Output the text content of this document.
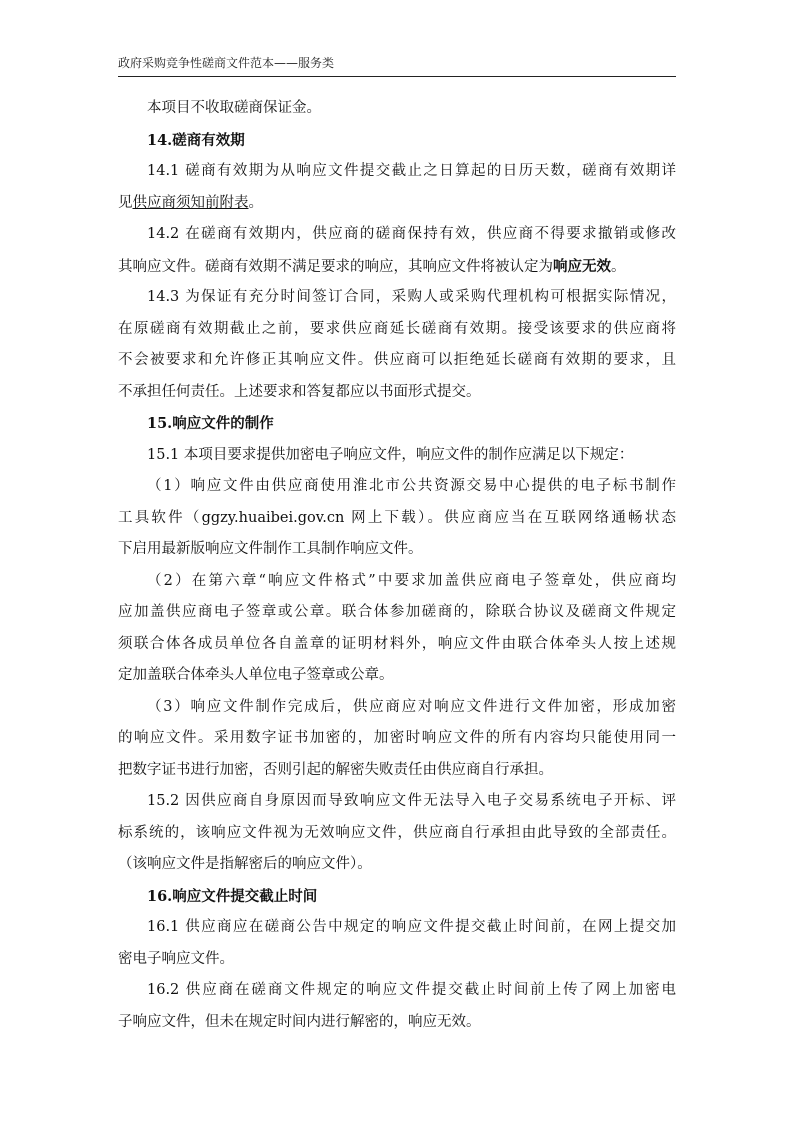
政府采购竞争性磋商文件范本——服务类
本项目不收取磋商保证金。
14.磋商有效期
14.1 磋商有效期为从响应文件提交截止之日算起的日历天数，磋商有效期详
见供应商须知前附表。
14.2 在磋商有效期内，供应商的磋商保持有效，供应商不得要求撤销或修改
其响应文件。磋商有效期不满足要求的响应，其响应文件将被认定为响应无效。
14.3 为保证有充分时间签订合同，采购人或采购代理机构可根据实际情况，
在原磋商有效期截止之前，要求供应商延长磋商有效期。接受该要求的供应商将
不会被要求和允许修正其响应文件。供应商可以拒绝延长磋商有效期的要求，且
不承担任何责任。上述要求和答复都应以书面形式提交。
15.响应文件的制作
15.1 本项目要求提供加密电子响应文件，响应文件的制作应满足以下规定：
（1）响应文件由供应商使用淮北市公共资源交易中心提供的电子标书制作
工具软件（ggzy.huaibei.gov.cn 网上下载）。供应商应当在互联网络通畅状态
下启用最新版响应文件制作工具制作响应文件。
（2）在第六章“响应文件格式”中要求加盖供应商电子签章处，供应商均
应加盖供应商电子签章或公章。联合体参加磋商的，除联合协议及磋商文件规定
须联合体各成员单位各自盖章的证明材料外，响应文件由联合体牵头人按上述规
定加盖联合体牵头人单位电子签章或公章。
（3）响应文件制作完成后，供应商应对响应文件进行文件加密，形成加密
的响应文件。采用数字证书加密的，加密时响应文件的所有内容均只能使用同一
把数字证书进行加密，否则引起的解密失败责任由供应商自行承担。
15.2 因供应商自身原因而导致响应文件无法导入电子交易系统电子开标、评
标系统的，该响应文件视为无效响应文件，供应商自行承担由此导致的全部责任。
（该响应文件是指解密后的响应文件）。
16.响应文件提交截止时间
16.1 供应商应在磋商公告中规定的响应文件提交截止时间前，在网上提交加
密电子响应文件。
16.2 供应商在磋商文件规定的响应文件提交截止时间前上传了网上加密电
子响应文件，但未在规定时间内进行解密的，响应无效。
